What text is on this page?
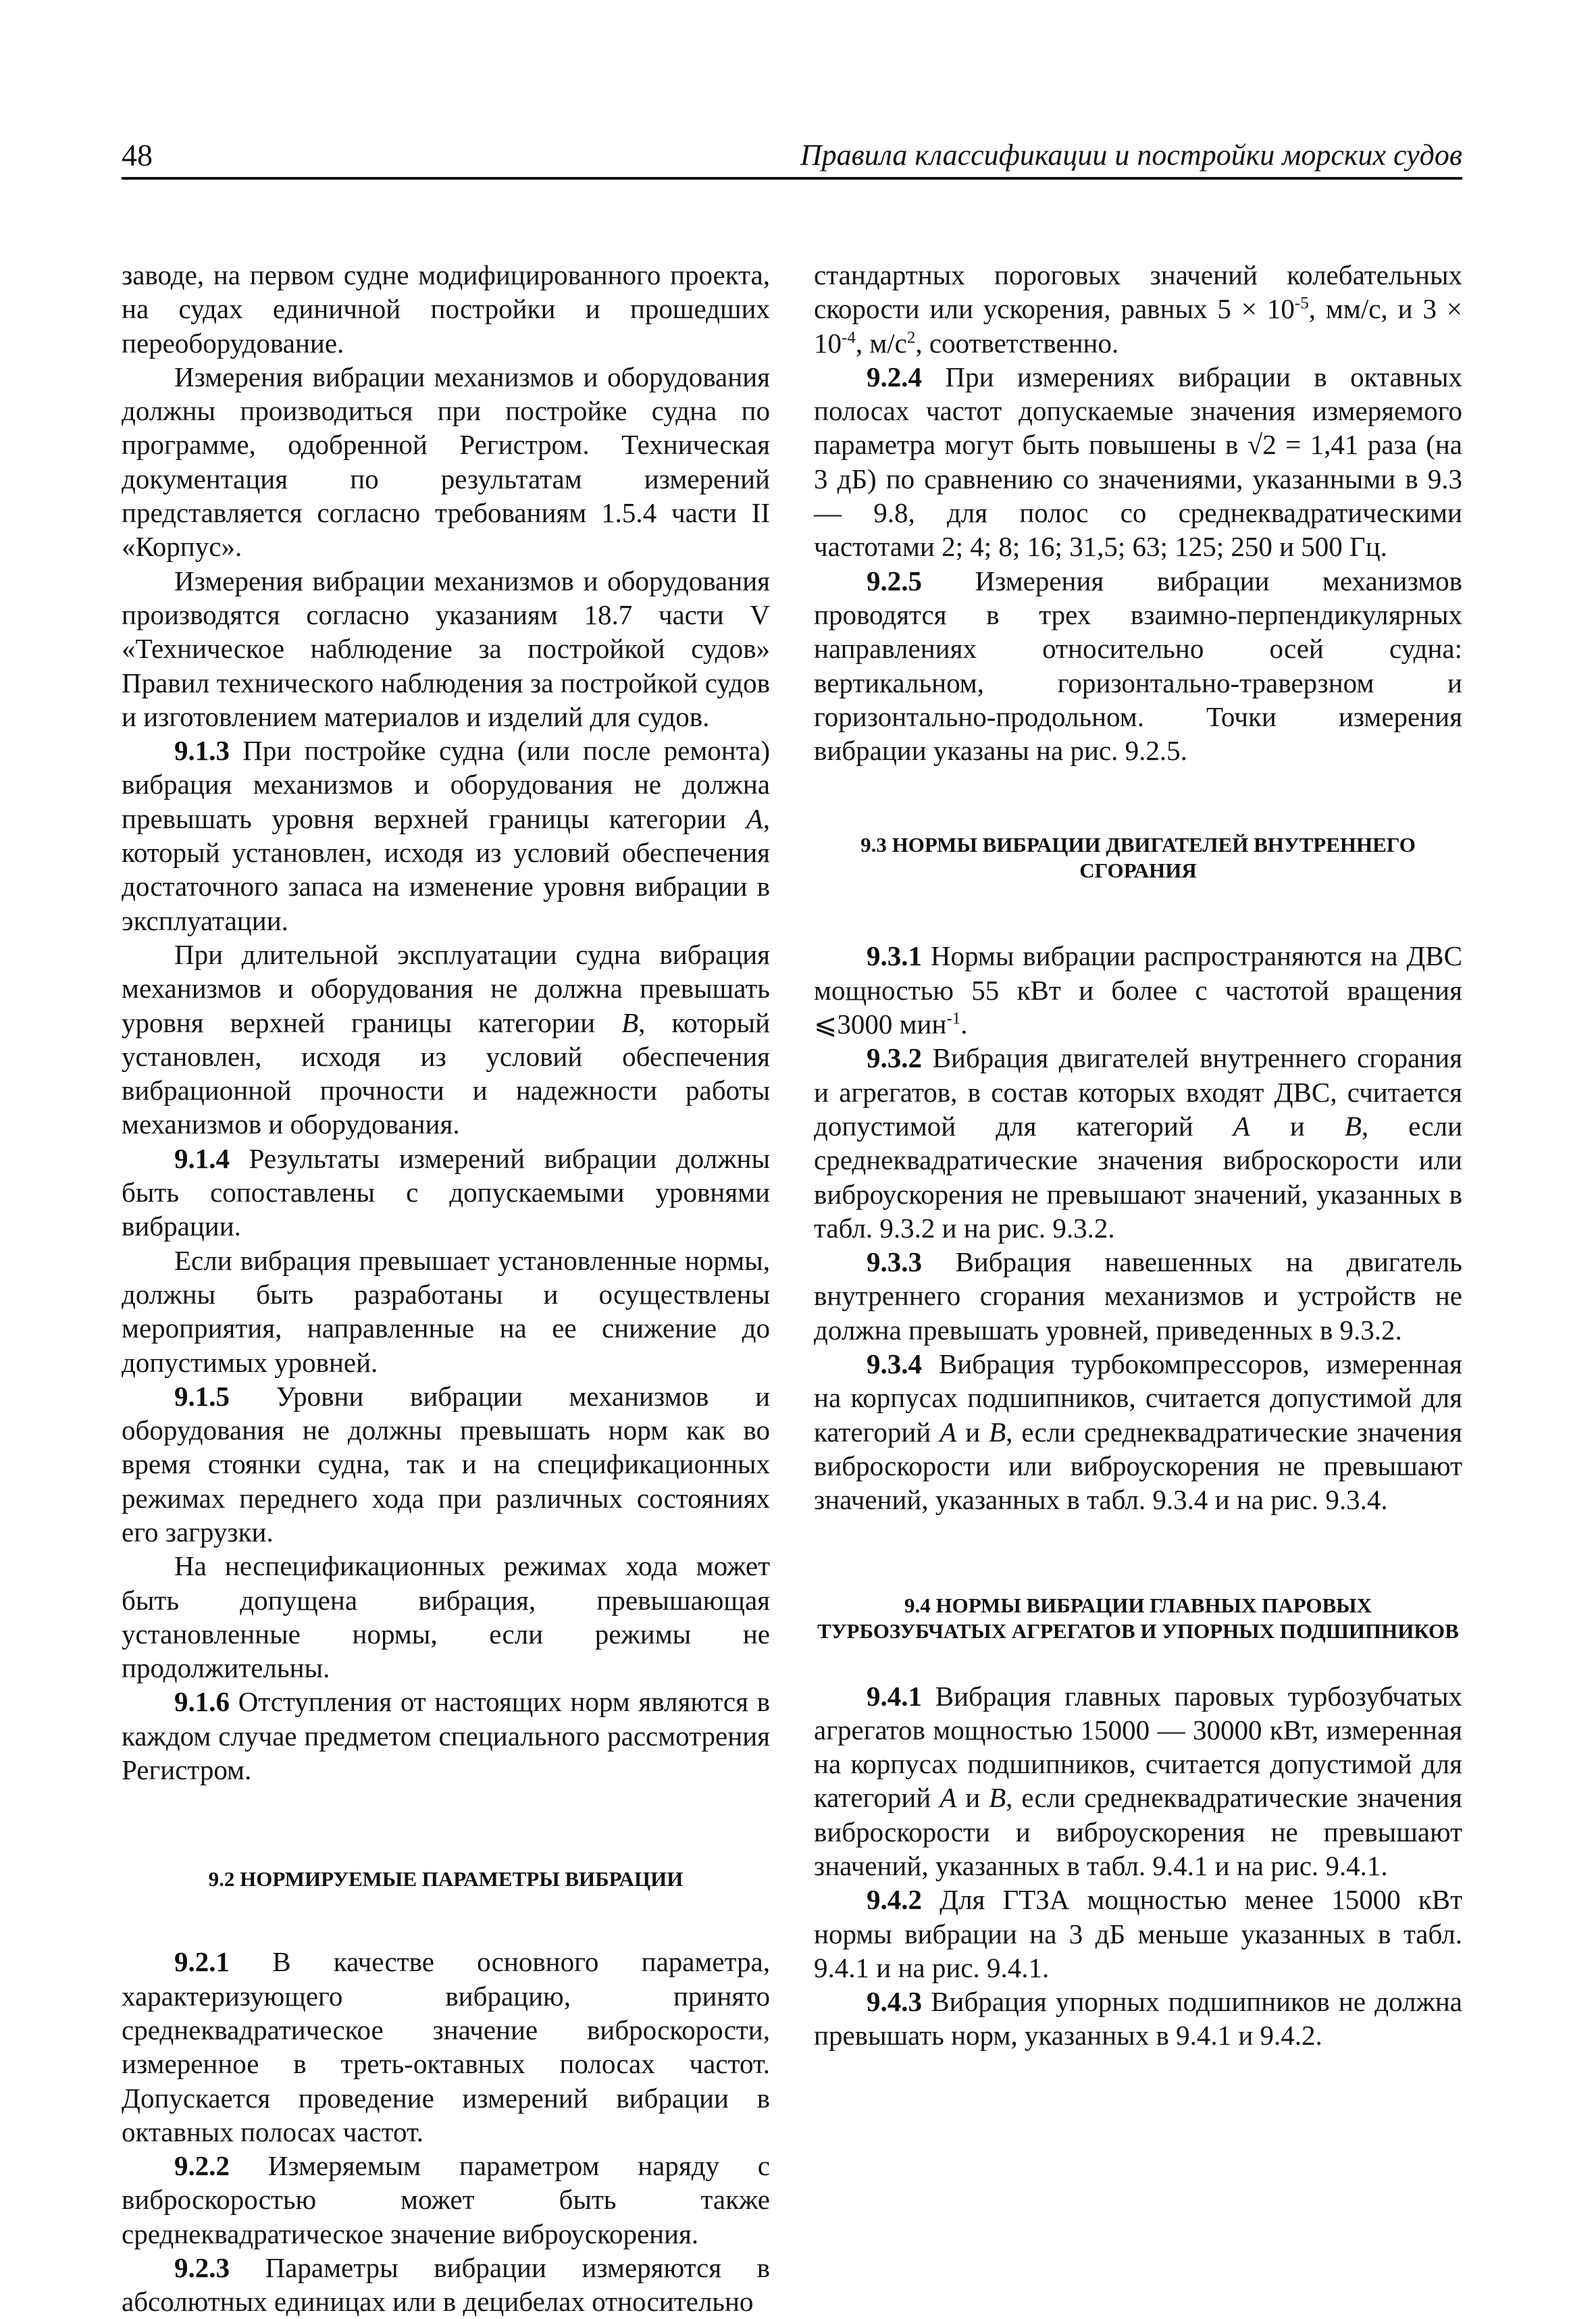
48	Правила классификации и постройки морских судов

заводе, на первом судне модифицированного проекта, на судах единичной постройки и прошедших переоборудование.

Измерения вибрации механизмов и оборудования должны производиться при постройке судна по программе, одобренной Регистром. Техническая документация по результатам измерений представляется согласно требованиям 1.5.4 части II «Корпус».

Измерения вибрации механизмов и оборудования производятся согласно указаниям 18.7 части V «Техническое наблюдение за постройкой судов» Правил технического наблюдения за постройкой судов и изготовлением материалов и изделий для судов.

9.1.3 При постройке судна (или после ремонта) вибрация механизмов и оборудования не должна превышать уровня верхней границы категории A, который установлен, исходя из условий обеспечения достаточного запаса на изменение уровня вибрации в эксплуатации.

При длительной эксплуатации судна вибрация механизмов и оборудования не должна превышать уровня верхней границы категории B, который установлен, исходя из условий обеспечения вибрационной прочности и надежности работы механизмов и оборудования.

9.1.4 Результаты измерений вибрации должны быть сопоставлены с допускаемыми уровнями вибрации.

Если вибрация превышает установленные нормы, должны быть разработаны и осуществлены мероприятия, направленные на ее снижение до допустимых уровней.

9.1.5 Уровни вибрации механизмов и оборудования не должны превышать норм как во время стоянки судна, так и на спецификационных режимах переднего хода при различных состояниях его загрузки.

На неспецификационных режимах хода может быть допущена вибрация, превышающая установленные нормы, если режимы не продолжительны.

9.1.6 Отступления от настоящих норм являются в каждом случае предметом специального рассмотрения Регистром.

9.2 НОРМИРУЕМЫЕ ПАРАМЕТРЫ ВИБРАЦИИ

9.2.1 В качестве основного параметра, характеризующего вибрацию, принято среднеквадратическое значение виброскорости, измеренное в треть-октавных полосах частот. Допускается проведение измерений вибрации в октавных полосах частот.

9.2.2 Измеряемым параметром наряду с виброскоростью может быть также среднеквадратическое значение виброускорения.

9.2.3 Параметры вибрации измеряются в абсолютных единицах или в децибелах относительно

стандартных пороговых значений колебательных скорости или ускорения, равных $5 \times 10^{-5}$, мм/с, и $3 \times 10^{-4}$, $м/с^2$, соответственно.

9.2.4 При измерениях вибрации в октавных полосах частот допускаемые значения измеряемого параметра могут быть повышены в √2 = 1,41 раза (на 3 дБ) по сравнению со значениями, указанными в 9.3 — 9.8, для полос со среднеквадратическими частотами 2; 4; 8; 16; 31,5; 63; 125; 250 и 500 Гц.

9.2.5 Измерения вибрации механизмов проводятся в трех взаимно-перпендикулярных направлениях относительно осей судна: вертикальном, горизонтально-траверзном и горизонтально-продольном. Точки измерения вибрации указаны на рис. 9.2.5.

9.3 НОРМЫ ВИБРАЦИИ ДВИГАТЕЛЕЙ ВНУТРЕННЕГО СГОРАНИЯ

9.3.1 Нормы вибрации распространяются на ДВС мощностью 55 кВт и более с частотой вращения ⩽3000 мин$^{-1}$.

9.3.2 Вибрация двигателей внутреннего сгорания и агрегатов, в состав которых входят ДВС, считается допустимой для категорий A и B, если среднеквадратические значения виброскорости или виброускорения не превышают значений, указанных в табл. 9.3.2 и на рис. 9.3.2.

9.3.3 Вибрация навешенных на двигатель внутреннего сгорания механизмов и устройств не должна превышать уровней, приведенных в 9.3.2.

9.3.4 Вибрация турбокомпрессоров, измеренная на корпусах подшипников, считается допустимой для категорий A и B, если среднеквадратические значения виброскорости или виброускорения не превышают значений, указанных в табл. 9.3.4 и на рис. 9.3.4.

9.4 НОРМЫ ВИБРАЦИИ ГЛАВНЫХ ПАРОВЫХ ТУРБОЗУБЧАТЫХ АГРЕГАТОВ И УПОРНЫХ ПОДШИПНИКОВ

9.4.1 Вибрация главных паровых турбозубчатых агрегатов мощностью 15000 — 30000 кВт, измеренная на корпусах подшипников, считается допустимой для категорий A и B, если среднеквадратические значения виброскорости и виброускорения не превышают значений, указанных в табл. 9.4.1 и на рис. 9.4.1.

9.4.2 Для ГТЗА мощностью менее 15000 кВт нормы вибрации на 3 дБ меньше указанных в табл. 9.4.1 и на рис. 9.4.1.

9.4.3 Вибрация упорных подшипников не должна превышать норм, указанных в 9.4.1 и 9.4.2.
